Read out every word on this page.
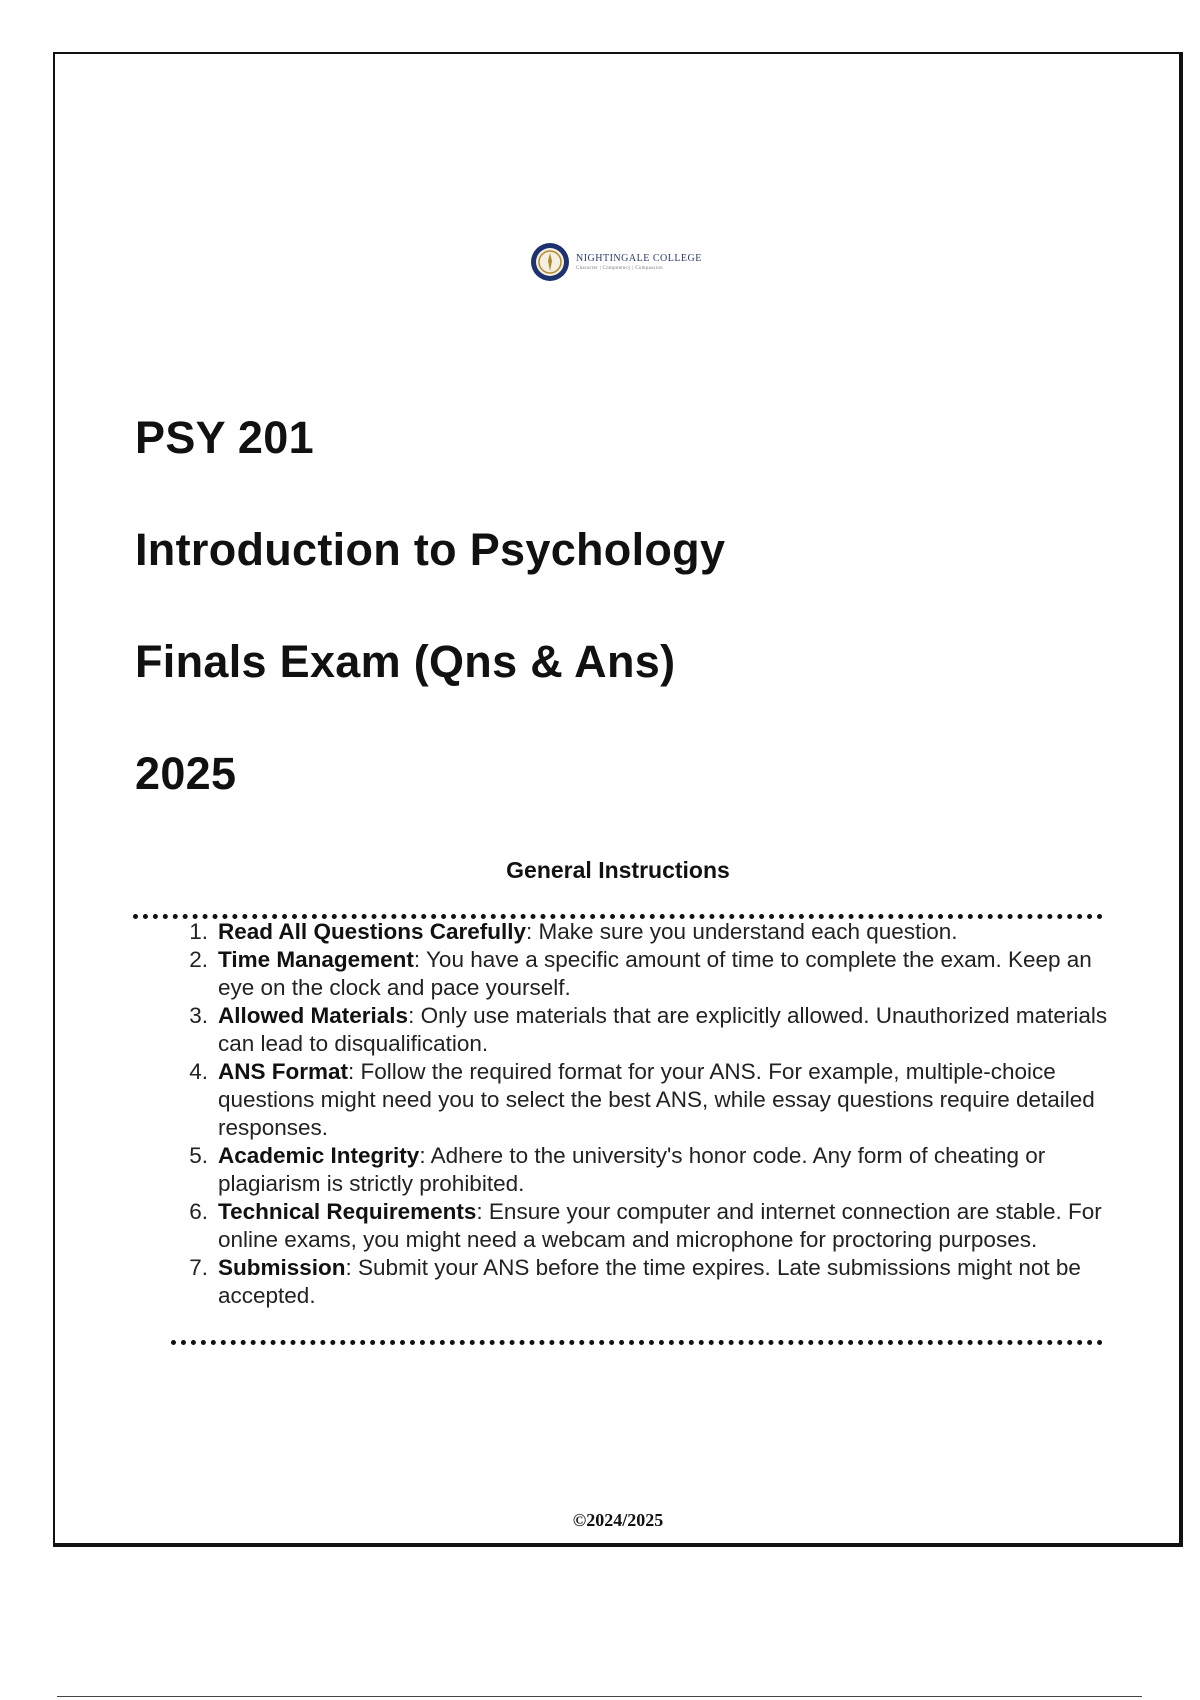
NIGHTINGALE COLLEGE
Character | Competency | Compassion
PSY 201
Introduction to Psychology
Finals Exam (Qns & Ans)
2025
General Instructions
1. Read All Questions Carefully: Make sure you understand each question.
2. Time Management: You have a specific amount of time to complete the exam. Keep an eye on the clock and pace yourself.
3. Allowed Materials: Only use materials that are explicitly allowed. Unauthorized materials can lead to disqualification.
4. ANS Format: Follow the required format for your ANS. For example, multiple-choice questions might need you to select the best ANS, while essay questions require detailed responses.
5. Academic Integrity: Adhere to the university's honor code. Any form of cheating or plagiarism is strictly prohibited.
6. Technical Requirements: Ensure your computer and internet connection are stable. For online exams, you might need a webcam and microphone for proctoring purposes.
7. Submission: Submit your ANS before the time expires. Late submissions might not be accepted.
©2024/2025
